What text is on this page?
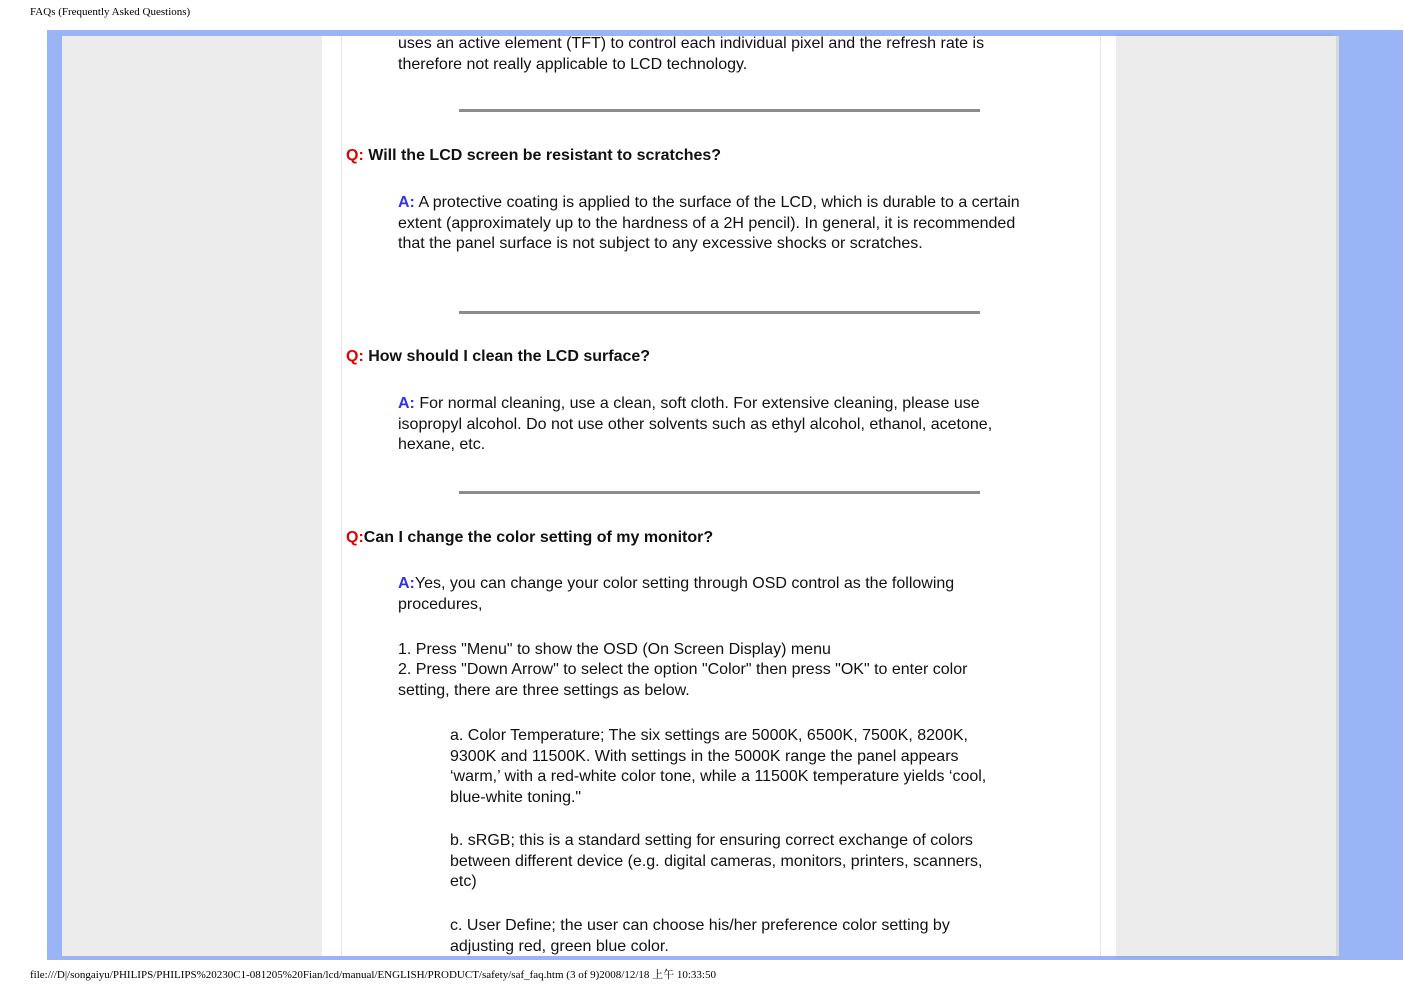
FAQs (Frequently Asked Questions)
uses an active element (TFT) to control each individual pixel and the refresh rate is therefore not really applicable to LCD technology.
Q: Will the LCD screen be resistant to scratches?
A: A protective coating is applied to the surface of the LCD, which is durable to a certain extent (approximately up to the hardness of a 2H pencil). In general, it is recommended that the panel surface is not subject to any excessive shocks or scratches.
Q: How should I clean the LCD surface?
A: For normal cleaning, use a clean, soft cloth. For extensive cleaning, please use isopropyl alcohol. Do not use other solvents such as ethyl alcohol, ethanol, acetone, hexane, etc.
Q:Can I change the color setting of my monitor?
A:Yes, you can change your color setting through OSD control as the following procedures,
1. Press "Menu" to show the OSD (On Screen Display) menu
2. Press "Down Arrow" to select the option "Color" then press "OK" to enter color setting, there are three settings as below.
a. Color Temperature; The six settings are 5000K, 6500K, 7500K, 8200K, 9300K and 11500K. With settings in the 5000K range the panel appears ‘warm,’ with a red-white color tone, while a 11500K temperature yields ‘cool, blue-white toning."
b. sRGB; this is a standard setting for ensuring correct exchange of colors between different device (e.g. digital cameras, monitors, printers, scanners, etc)
c. User Define; the user can choose his/her preference color setting by adjusting red, green blue color.
file:///D|/songaiyu/PHILIPS/PHILIPS%20230C1-081205%20Fian/lcd/manual/ENGLISH/PRODUCT/safety/saf_faq.htm (3 of 9)2008/12/18 上午 10:33:50
